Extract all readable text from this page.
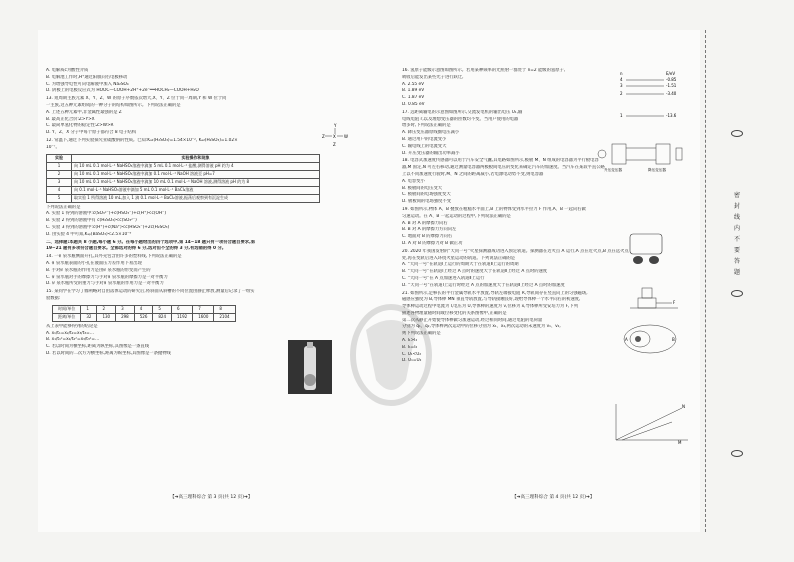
A. 电解质c为酸性介质
B. 电解池工作时,H⁺通过阳膜向右电极移动
C. 为增强导电性可向电解液中加入 Na₂SO₄
D. 阴极上的电极反应式为 HOOC—COOH+2H⁺+2e⁻══HOCH₂—COOH+H₂O
13. 短周期主族元素 X、Y、Z、W 的原子序数依次增大,X、Y、Z 位于同一周期,Y 和 W 位于同
一主族,这五种元素组成的一种分子的结构如图所示。下列说法正确的是
A. 上述五种元素中,非金属性最强的是 Z
B. 最高正化合价:Z>Y>X
C. 最简单氢化物的稳定性:Z>W>R
D. Y、Z、X 分子中每个原子都符合 8 电子结构
12. 常温下,通过下列实验探究亚硫酸钠的性质。已知:Kₐ₁(H₂SO₃)=1.54×10⁻², Kₐ₂(H₂SO₃)=1.02×
10⁻⁷。
实验	实验操作和现象
1	向 10 mL 0.1 mol·L⁻¹ NaHSO₃溶液中滴加 5 mL 0.1 mol·L⁻¹ 盐酸,测得溶液 pH 约为 4
2	向 10 mL 0.1 mol·L⁻¹ NaHSO₃溶液中滴加 0.1 mol·L⁻¹ NaOH 溶液至 pH=7
3	向 10 mL 0.1 mol·L⁻¹ NaHSO₃溶液中滴加 10 mL 0.1 mol·L⁻¹ NaOH 溶液,测得溶液 pH 约为 8
4	向 0.1 mol·L⁻¹ NaHSO₃溶液中滴加 5 mL 0.1 mol·L⁻¹ BaCl₂溶液
5	取实验 1 所得溶液 10 mL,加入 1 滴 0.1 mol·L⁻¹ BaCl₂溶液,振荡后观察到有沉淀生成
下列说法正确的是
A. 实验 1 得到的溶液中:c(SO₃²⁻)+c(HSO₃⁻)+c(H⁺)<c(OH⁻)
B. 实验 2 得到的溶液中有 c(H₂SO₃)<c(SO₃²⁻)
C. 实验 3 得到的溶液中:c(H⁺)+c(Na⁺)<c(HSO₃⁻)+2c(H₂SO₃)
D. 由实验 4 中可知,Kₛₚ(BaSO₃)<2.5×10⁻⁹
二、选择题:本题共 8 小题,每小题 6 分。在每小题给出的四个选项中,第 14~18 题只有一项符合题目要求,第
19~21 题有多项符合题目要求。全部选对的得 6 分,选对但不全的得 3 分,有选错的得 0 分。
14. 一矿泉水瓶侧面开孔,其外壳包含由许多的塑料线,下列说法正确的是
A. 矿泉水瓶表面的小孔在液面压力差作用下易出现
B. 手对矿泉水瓶的作用力是由矿泉水瓶的形变而产生的
C. 矿泉水瓶对手的摩擦力与手对矿泉水瓶的摩擦力是一对平衡力
D. 矿泉水瓶所受的重力与手对矿泉水瓶的作用力是一对平衡力
15. 某同学在学习了伽利略对自由落体运动的研究后,将斜面从斜槽的不同位置由静止释放,测量后记录了一组实
验数据:
时间/单位	1	2	3	4	5	6	7	8
距离/单位	32	130	298	526	824	1192	1600	2104
从上表中能够得到的结论是
A. x₁/t₁=x₂/t₂=x₃/t₃=…
B. x₁/t₁²=x₂/t₂²=x₃/t₃²=…
C. 若以时间为横坐标,距离为纵坐标,其图像是一条直线
D. 若以时间的二次方为横坐标,距离为纵坐标,其图像是一条抛物线
Y
Z X W
Z
【➔高三理科综合 第 3 页(共 12 页)➔】
16. 氢原子能级示意图如图所示。若用某种频率的光照射一群处于 n=2 能级的氢原子,
吸收后能发出某些光子进行跃迁,
A. 2.55 eV
B. 1.89 eV
C. 1.87 eV
D. 0.85 eV
17. 远距离输电的示意图如图所示,交流发电机的输出电压 U₁,输
电线电阻 r,以及理想变压器的匝数均不变。当用户使用的电器
增多时,下列说法正确的是
A. 降压变压器原线圈电压减小
B. 通过用户的电流变小
C. 输电线上的电流变大
D. 升压变压器的输出功率减小
18. 电容式加速度传感器可以用于汽车安全气囊,其电路如图所示,极板 M、N 组成的电容器为平行板电容
器,M 固定,N 可左右移动,通过测量电容器两极板间电压的变化来确定汽车的加速度。当汽车在某段平直公路
上以不同加速度行驶时,M、N 之间的距离减小,若电源电动势不变,则电容器
A. 电容变小
B. 极板间的电压变大
C. 极板间的电场强度变大
D. 极板间的电场强度不变
19. 如图所示,物体 A、B 叠放在粗糙水平面上,B 上的物体受到水平拉力 F 作用,A、B 一起向右做
匀速运动。在 A、B 一起运动的过程中,下列说法正确的是
A. B 对 A 的摩擦力向右
B. B 对 A 的摩擦力方向向左
C. 地面对 B 的摩擦力向右
D. A 对 B 的摩擦力对 B 做正功
20. 2020 年我国发射的“天问一号”火星探测器成功进入预定轨道。探测器在近火点 A 运行,A 点在近火点,B 点在远火点
处,再在变轨后进入环绕火星运动的轨道。下列说法正确的是
A. “天问一号”在轨道Ⅰ上运行的周期大于在轨道Ⅱ上运行的周期
B. “天问一号”在轨道Ⅰ上经过 A 点时的速度大于在轨道Ⅱ上经过 A 点时的速度
C. “天问一号”在 A 点加速进入轨道Ⅱ上运行
D. “天问一号”在轨道Ⅰ上运行时经过 A 点的加速度大于在轨道Ⅱ上经过 A 点时的加速度
21. 如图所示,足够长的平行金属导轨水平放置,导轨左端接电阻 R,导轨间存在竖直向上的匀强磁场,
磁感应强度为 B,导体棒 MN 垂直导轨放置,与导轨接触良好,现给导体棒一个水平向右的初速度,
导体棒运动过程中电流为 I,电压为 U,导体棒的速度为 v,位移为 x,导体棒所受安培力为 F,下列
描述各物理量随时间或位移变化的关系图像中,正确的是
第二次从静止开始使导体棒做匀加速运动,经过相同时间,通过电阻的电荷量
分别为 q₁、q₂,导体棒两次运动中的位移分别为 x₁、x₂,两次运动的末速度为 v₁、v₂,
则下列说法正确的是
A. I₁>I₂
B. I₁=I₂
C. U₁<U₂
D. U₁=U₂
E/eV
n
4	-0.85
3	-1.51
2	-3.40
1	-13.6
升压变压器	降压变压器
F
A	B
N
M
【➔高三理科综合 第 4 页(共 12 页)➔】
密封线内不要答题
